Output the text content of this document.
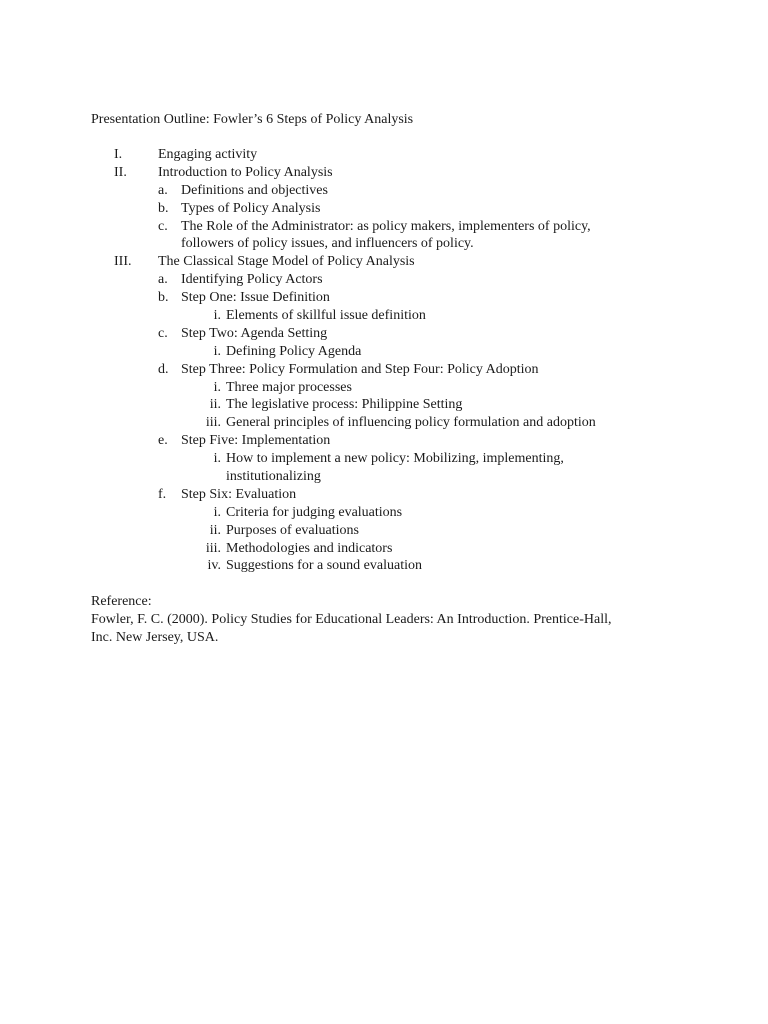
Presentation Outline: Fowler’s 6 Steps of Policy Analysis
I.	Engaging activity
II. Introduction to Policy Analysis
a. Definitions and objectives
b. Types of Policy Analysis
c. The Role of the Administrator: as policy makers, implementers of policy,
followers of policy issues, and influencers of policy.
III. The Classical Stage Model of Policy Analysis
a. Identifying Policy Actors
b. Step One: Issue Definition
i. Elements of skillful issue definition
c. Step Two: Agenda Setting
i. Defining Policy Agenda
d. Step Three: Policy Formulation and Step Four: Policy Adoption
i. Three major processes
ii. The legislative process: Philippine Setting
iii. General principles of influencing policy formulation and adoption
e. Step Five: Implementation
i. How to implement a new policy: Mobilizing, implementing,
institutionalizing
f. Step Six: Evaluation
i. Criteria for judging evaluations
ii. Purposes of evaluations
iii. Methodologies and indicators
iv. Suggestions for a sound evaluation
Reference:
Fowler, F. C. (2000). Policy Studies for Educational Leaders: An Introduction. Prentice-Hall,
Inc. New Jersey, USA.
